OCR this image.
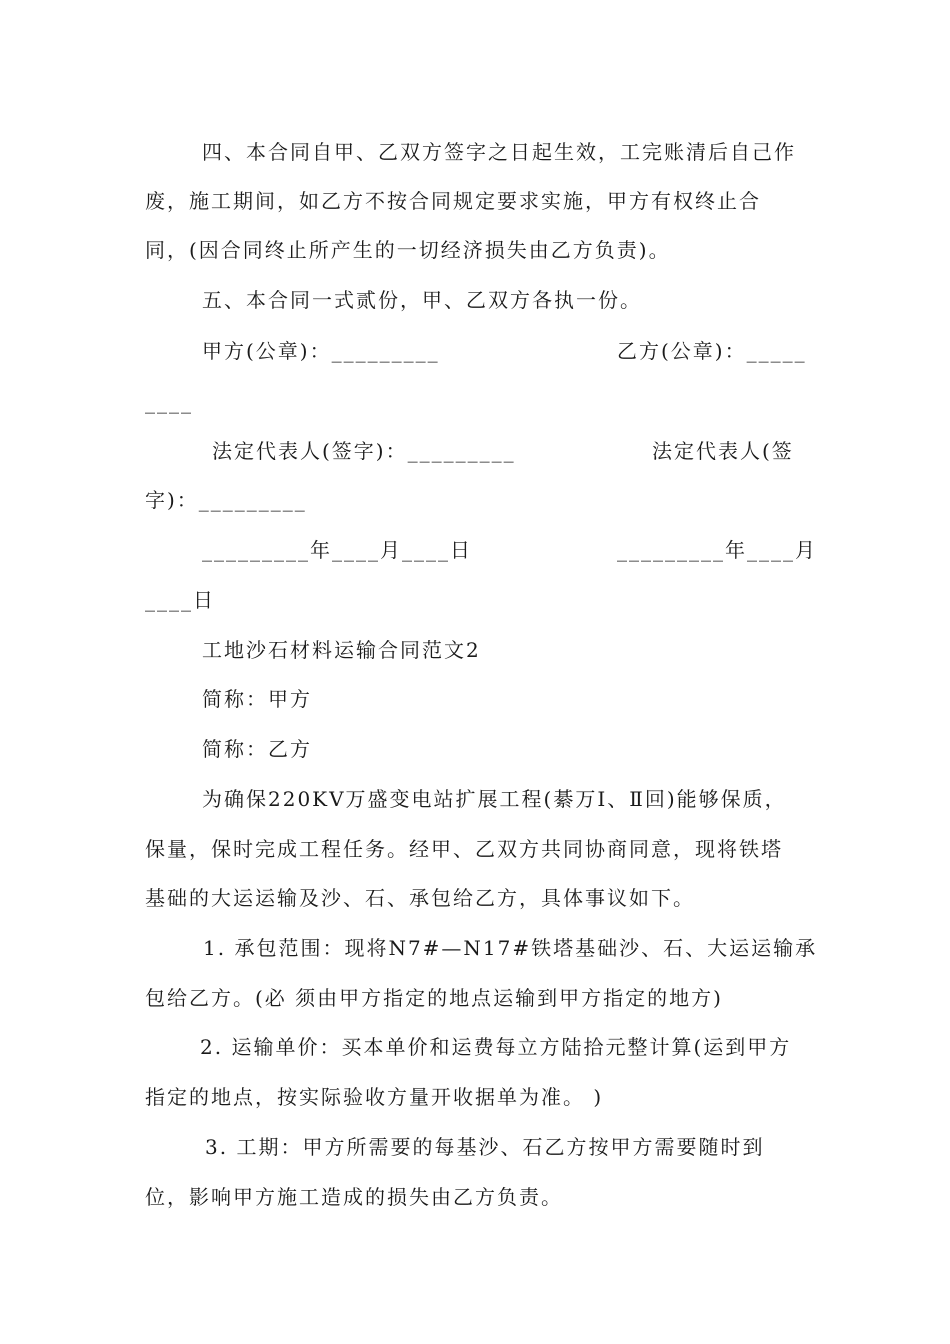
四、本合同自甲、乙双方签字之日起生效，工完账清后自己作
废，施工期间，如乙方不按合同规定要求实施，甲方有权终止合
同，(因合同终止所产生的一切经济损失由乙方负责)。
五、本合同一式贰份，甲、乙双方各执一份。
甲方(公章)：_________	乙方(公章)：_____
____
法定代表人(签字)：_________	法定代表人(签
字)：_________
_________年____月____日	_________年____月
____日
工地沙石材料运输合同范文2
简称：甲方
简称：乙方
为确保220KV万盛变电站扩展工程(綦万Ⅰ、Ⅱ回)能够保质，
保量，保时完成工程任务。经甲、乙双方共同协商同意，现将铁塔
基础的大运运输及沙、石、承包给乙方，具体事议如下。
1. 承包范围：现将N7#—N17#铁塔基础沙、石、大运运输承
包给乙方。(必 须由甲方指定的地点运输到甲方指定的地方)
2. 运输单价：买本单价和运费每立方陆拾元整计算(运到甲方
指定的地点，按实际验收方量开收据单为准。 )
3. 工期：甲方所需要的每基沙、石乙方按甲方需要随时到
位，影响甲方施工造成的损失由乙方负责。
